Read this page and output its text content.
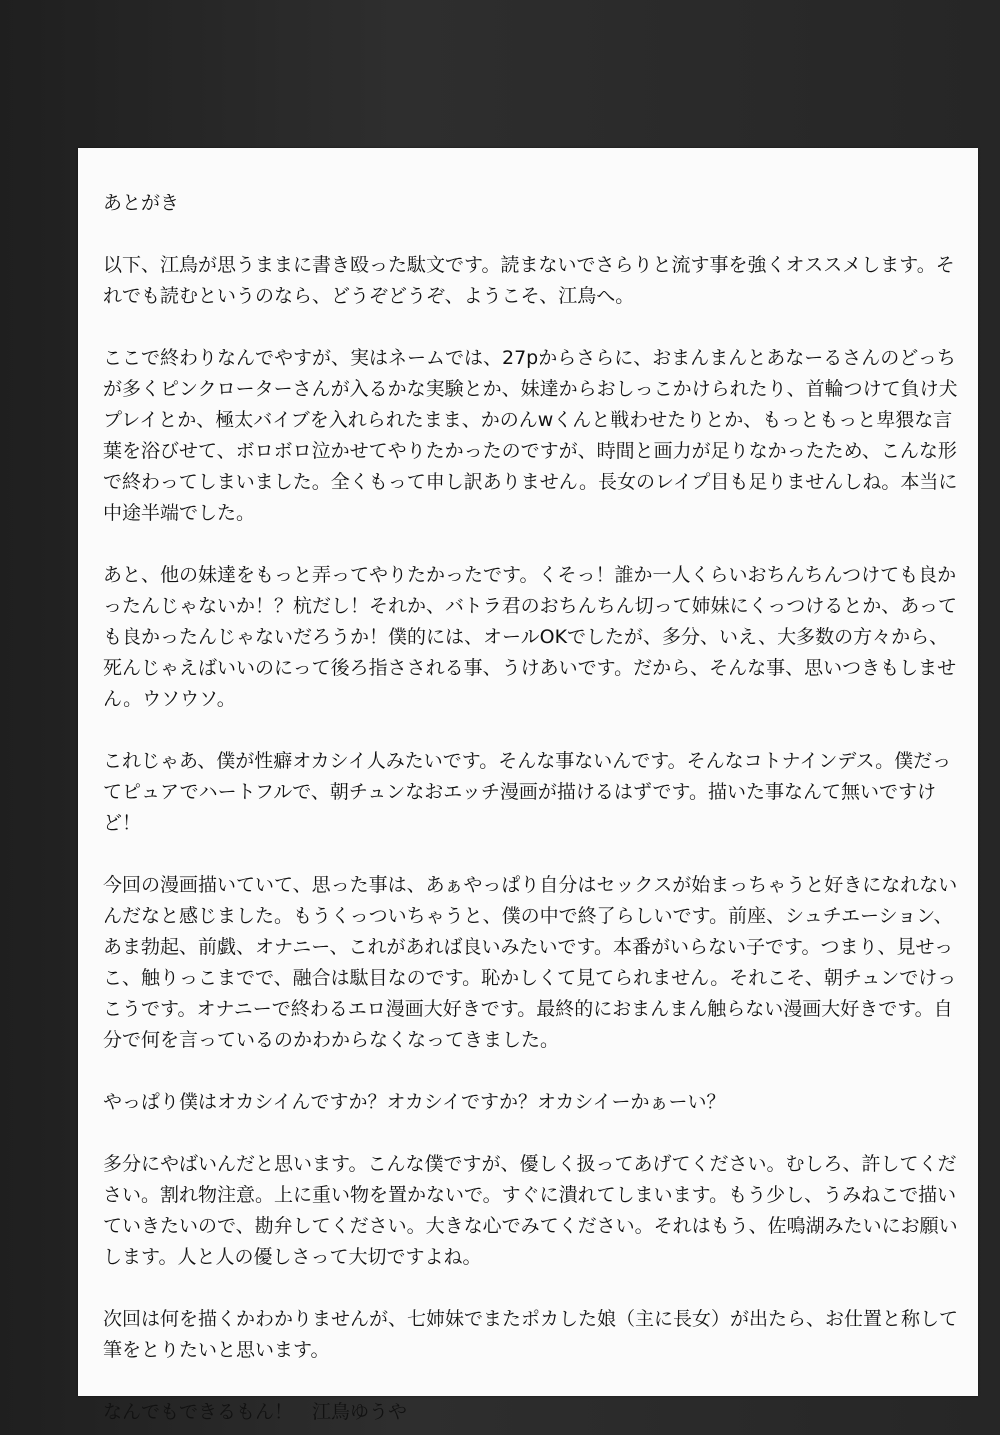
あとがき

以下、江鳥が思うままに書き殴った駄文です。読まないでさらりと流す事を強くオススメします。それでも読むというのなら、どうぞどうぞ、ようこそ、江鳥へ。

ここで終わりなんでやすが、実はネームでは、27pからさらに、おまんまんとあなーるさんのどっちが多くピンクローターさんが入るかな実験とか、妹達からおしっこかけられたり、首輪つけて負け犬プレイとか、極太バイブを入れられたまま、かのんwくんと戦わせたりとか、もっともっと卑猥な言葉を浴びせて、ボロボロ泣かせてやりたかったのですが、時間と画力が足りなかったため、こんな形で終わってしまいました。全くもって申し訳ありません。長女のレイプ目も足りませんしね。本当に中途半端でした。

あと、他の妹達をもっと弄ってやりたかったです。くそっ！誰か一人くらいおちんちんつけても良かったんじゃないか！？杭だし！それか、バトラ君のおちんちん切って姉妹にくっつけるとか、あっても良かったんじゃないだろうか！僕的には、オールOKでしたが、多分、いえ、大多数の方々から、死んじゃえばいいのにって後ろ指さされる事、うけあいです。だから、そんな事、思いつきもしません。ウソウソ。

これじゃあ、僕が性癖オカシイ人みたいです。そんな事ないんです。そんなコトナインデス。僕だってピュアでハートフルで、朝チュンなおエッチ漫画が描けるはずです。描いた事なんて無いですけど！

今回の漫画描いていて、思った事は、あぁやっぱり自分はセックスが始まっちゃうと好きになれないんだなと感じました。もうくっついちゃうと、僕の中で終了らしいです。前座、シュチエーション、あま勃起、前戯、オナニー、これがあれば良いみたいです。本番がいらない子です。つまり、見せっこ、触りっこまでで、融合は駄目なのです。恥かしくて見てられません。それこそ、朝チュンでけっこうです。オナニーで終わるエロ漫画大好きです。最終的におまんまん触らない漫画大好きです。自分で何を言っているのかわからなくなってきました。

やっぱり僕はオカシイんですか？オカシイですか？オカシイーかぁーい？

多分にやばいんだと思います。こんな僕ですが、優しく扱ってあげてください。むしろ、許してください。割れ物注意。上に重い物を置かないで。すぐに潰れてしまいます。もう少し、うみねこで描いていきたいので、勘弁してください。大きな心でみてください。それはもう、佐鳴湖みたいにお願いします。人と人の優しさって大切ですよね。

次回は何を描くかわかりませんが、七姉妹でまたポカした娘（主に長女）が出たら、お仕置と称して筆をとりたいと思います。

なんでもできるもん！　江鳥ゆうや
